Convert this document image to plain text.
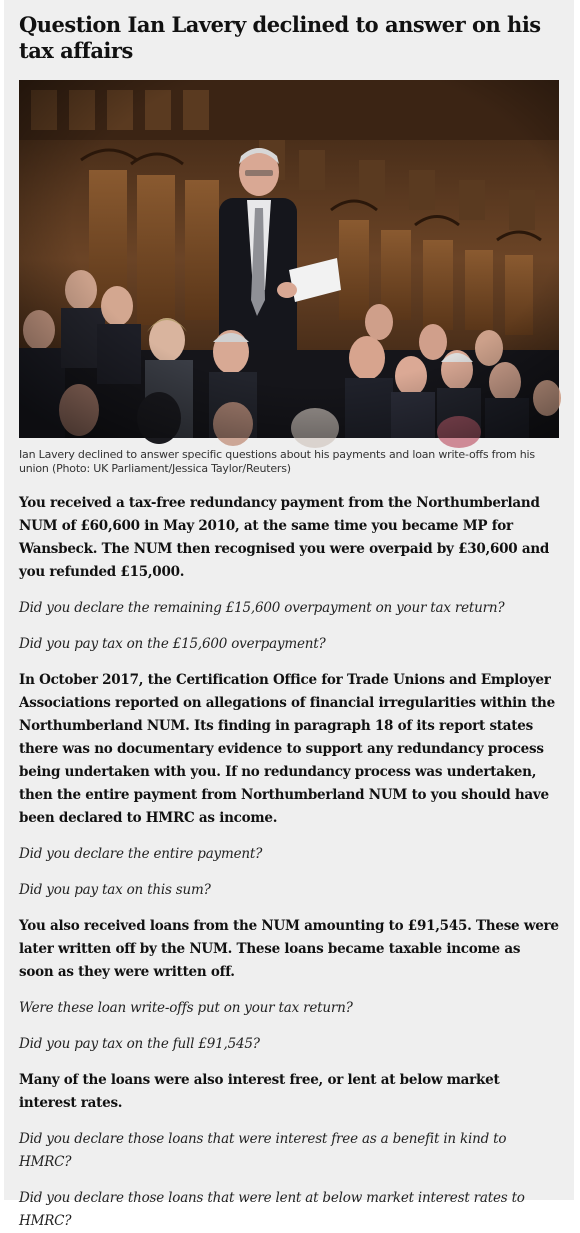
Question Ian Lavery declined to answer on his tax affairs

Ian Lavery declined to answer specific questions about his payments and loan write-offs from his union (Photo: UK Parliament/Jessica Taylor/Reuters)

You received a tax-free redundancy payment from the Northumberland NUM of £60,600 in May 2010, at the same time you became MP for Wansbeck. The NUM then recognised you were overpaid by £30,600 and you refunded £15,000.

Did you declare the remaining £15,600 overpayment on your tax return?

Did you pay tax on the £15,600 overpayment?

In October 2017, the Certification Office for Trade Unions and Employer Associations reported on allegations of financial irregularities within the Northumberland NUM. Its finding in paragraph 18 of its report states there was no documentary evidence to support any redundancy process being undertaken with you. If no redundancy process was undertaken, then the entire payment from Northumberland NUM to you should have been declared to HMRC as income.

Did you declare the entire payment?

Did you pay tax on this sum?

You also received loans from the NUM amounting to £91,545. These were later written off by the NUM. These loans became taxable income as soon as they were written off.

Were these loan write-offs put on your tax return?

Did you pay tax on the full £91,545?

Many of the loans were also interest free, or lent at below market interest rates.

Did you declare those loans that were interest free as a benefit in kind to HMRC?

Did you declare those loans that were lent at below market interest rates to HMRC?
